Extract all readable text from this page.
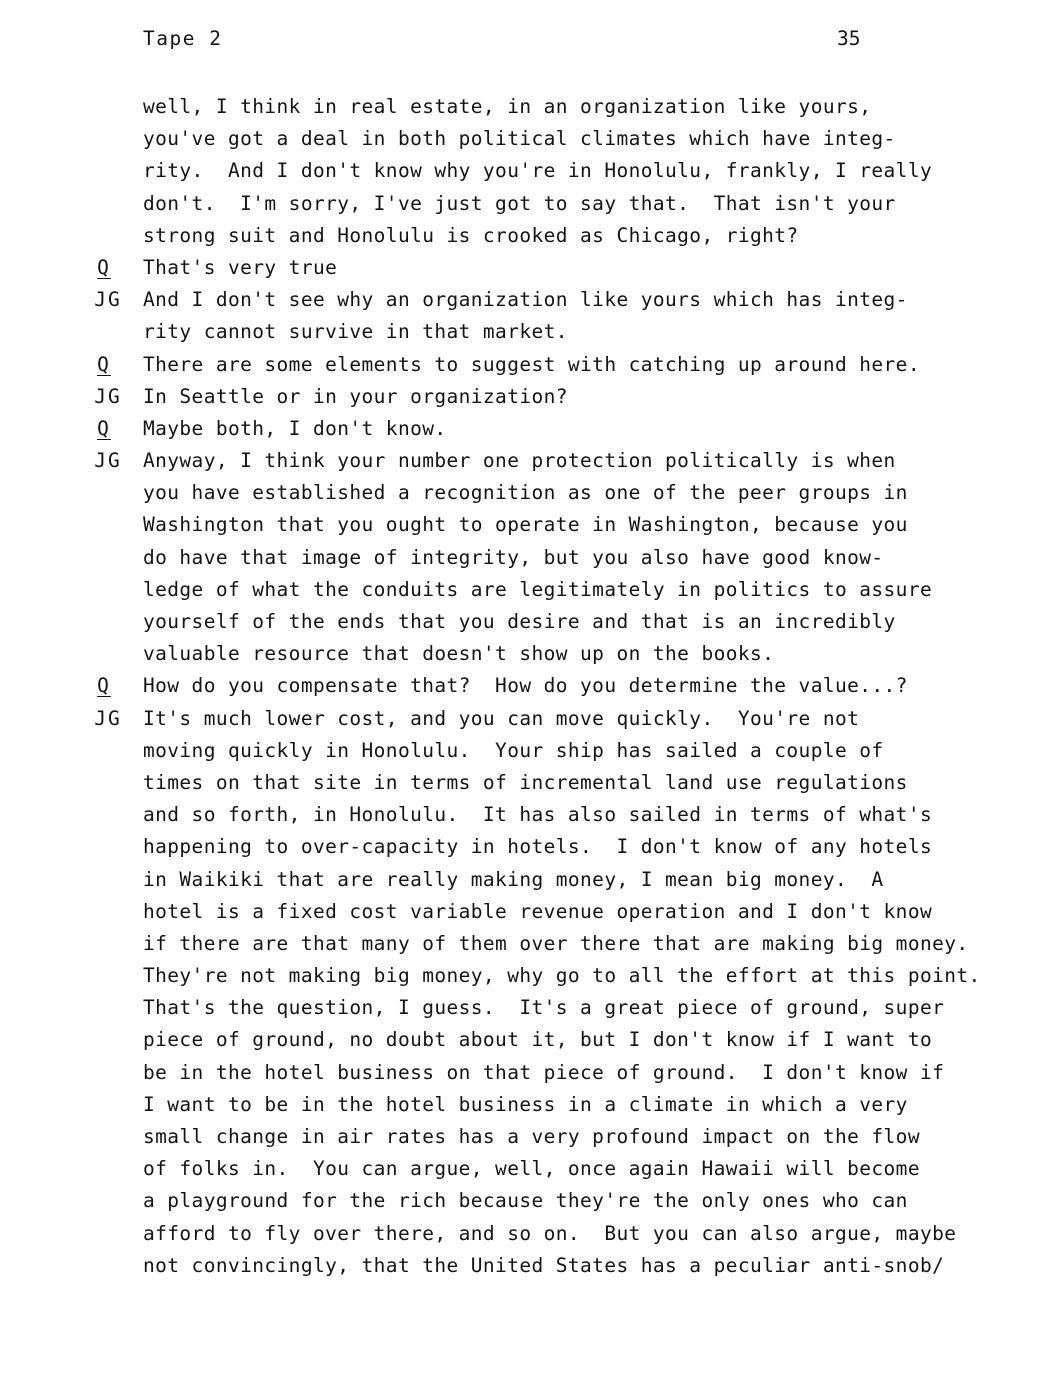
Tape 2	35
well, I think in real estate, in an organization like yours,
you've got a deal in both political climates which have integ-
rity.  And I don't know why you're in Honolulu, frankly, I really
don't.  I'm sorry, I've just got to say that.  That isn't your
strong suit and Honolulu is crooked as Chicago, right?
Q	That's very true
JG	And I don't see why an organization like yours which has integ-
rity cannot survive in that market.
Q	There are some elements to suggest with catching up around here.
JG	In Seattle or in your organization?
Q	Maybe both, I don't know.
JG	Anyway, I think your number one protection politically is when
you have established a recognition as one of the peer groups in
Washington that you ought to operate in Washington, because you
do have that image of integrity, but you also have good know-
ledge of what the conduits are legitimately in politics to assure
yourself of the ends that you desire and that is an incredibly
valuable resource that doesn't show up on the books.
Q	How do you compensate that?  How do you determine the value...?
JG	It's much lower cost, and you can move quickly.  You're not
moving quickly in Honolulu.  Your ship has sailed a couple of
times on that site in terms of incremental land use regulations
and so forth, in Honolulu.  It has also sailed in terms of what's
happening to over-capacity in hotels.  I don't know of any hotels
in Waikiki that are really making money, I mean big money.  A
hotel is a fixed cost variable revenue operation and I don't know
if there are that many of them over there that are making big money.
They're not making big money, why go to all the effort at this point.
That's the question, I guess.  It's a great piece of ground, super
piece of ground, no doubt about it, but I don't know if I want to
be in the hotel business on that piece of ground.  I don't know if
I want to be in the hotel business in a climate in which a very
small change in air rates has a very profound impact on the flow
of folks in.  You can argue, well, once again Hawaii will become
a playground for the rich because they're the only ones who can
afford to fly over there, and so on.  But you can also argue, maybe
not convincingly, that the United States has a peculiar anti-snob/
